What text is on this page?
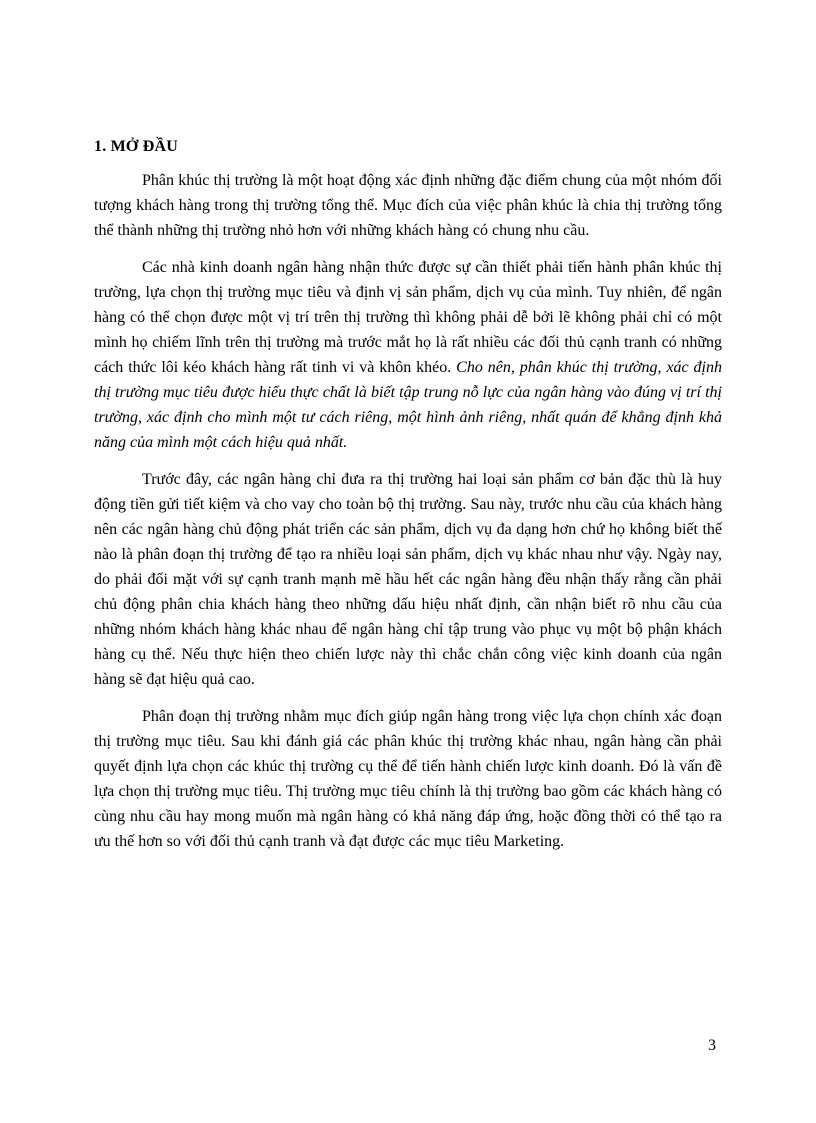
1. MỞ ĐẦU

Phân khúc thị trường là một hoạt động xác định những đặc điểm chung của một nhóm đối tượng khách hàng trong thị trường tổng thể. Mục đích của việc phân khúc là chia thị trường tổng thể thành những thị trường nhỏ hơn với những khách hàng có chung nhu cầu.

Các nhà kinh doanh ngân hàng nhận thức được sự cần thiết phải tiến hành phân khúc thị trường, lựa chọn thị trường mục tiêu và định vị sản phẩm, dịch vụ của mình. Tuy nhiên, để ngân hàng có thể chọn được một vị trí trên thị trường thì không phải dễ bởi lẽ không phải chỉ có một mình họ chiếm lĩnh trên thị trường mà trước mắt họ là rất nhiều các đối thủ cạnh tranh có những cách thức lôi kéo khách hàng rất tinh vi và khôn khéo. Cho nên, phân khúc thị trường, xác định thị trường mục tiêu được hiểu thực chất là biết tập trung nỗ lực của ngân hàng vào đúng vị trí thị trường, xác định cho mình một tư cách riêng, một hình ảnh riêng, nhất quán để khẳng định khả năng của mình một cách hiệu quả nhất.

Trước đây, các ngân hàng chỉ đưa ra thị trường hai loại sản phẩm cơ bản đặc thù là huy động tiền gửi tiết kiệm và cho vay cho toàn bộ thị trường. Sau này, trước nhu cầu của khách hàng nên các ngân hàng chủ động phát triển các sản phẩm, dịch vụ đa dạng hơn chứ họ không biết thế nào là phân đoạn thị trường để tạo ra nhiều loại sản phẩm, dịch vụ khác nhau như vậy. Ngày nay, do phải đối mặt với sự cạnh tranh mạnh mẽ hầu hết các ngân hàng đều nhận thấy rằng cần phải chủ động phân chia khách hàng theo những dấu hiệu nhất định, cần nhận biết rõ nhu cầu của những nhóm khách hàng khác nhau để ngân hàng chỉ tập trung vào phục vụ một bộ phận khách hàng cụ thể. Nếu thực hiện theo chiến lược này thì chắc chắn công việc kinh doanh của ngân hàng sẽ đạt hiệu quả cao.

Phân đoạn thị trường nhằm mục đích giúp ngân hàng trong việc lựa chọn chính xác đoạn thị trường mục tiêu. Sau khi đánh giá các phân khúc thị trường khác nhau, ngân hàng cần phải quyết định lựa chọn các khúc thị trường cụ thể để tiến hành chiến lược kinh doanh. Đó là vấn đề lựa chọn thị trường mục tiêu. Thị trường mục tiêu chính là thị trường bao gồm các khách hàng có cùng nhu cầu hay mong muốn mà ngân hàng có khả năng đáp ứng, hoặc đồng thời có thể tạo ra ưu thế hơn so với đối thủ cạnh tranh và đạt được các mục tiêu Marketing.

3
